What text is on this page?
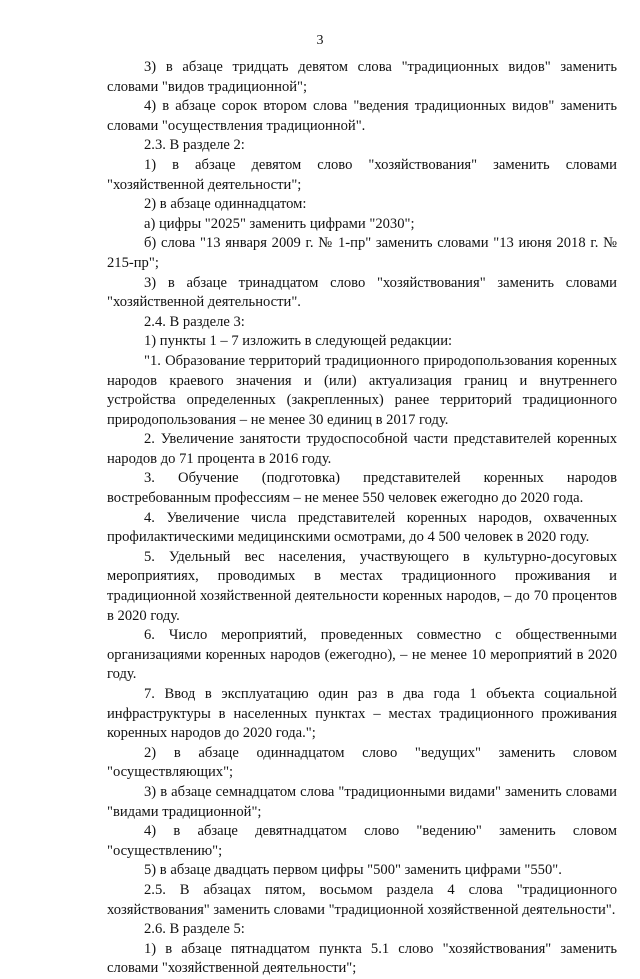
3

3) в абзаце тридцать девятом слова "традиционных видов" заменить словами "видов традиционной";

4) в абзаце сорок втором слова "ведения традиционных видов" заменить словами "осуществления традиционной".

2.3. В разделе 2:

1) в абзаце девятом слово "хозяйствования" заменить словами "хозяйственной деятельности";

2) в абзаце одиннадцатом:

а) цифры "2025" заменить цифрами "2030";

б) слова "13 января 2009 г. № 1-пр" заменить словами "13 июня 2018 г. № 215-пр";

3) в абзаце тринадцатом слово "хозяйствования" заменить словами "хозяйственной деятельности".

2.4. В разделе 3:

1) пункты 1 – 7 изложить в следующей редакции:

"1. Образование территорий традиционного природопользования коренных народов краевого значения и (или) актуализация границ и внутреннего устройства определенных (закрепленных) ранее территорий традиционного природопользования – не менее 30 единиц в 2017 году.

2. Увеличение занятости трудоспособной части представителей коренных народов до 71 процента в 2016 году.

3. Обучение (подготовка) представителей коренных народов востребованным профессиям – не менее 550 человек ежегодно до 2020 года.

4. Увеличение числа представителей коренных народов, охваченных профилактическими медицинскими осмотрами, до 4 500 человек в 2020 году.

5. Удельный вес населения, участвующего в культурно-досуговых мероприятиях, проводимых в местах традиционного проживания и традиционной хозяйственной деятельности коренных народов, – до 70 процентов в 2020 году.

6. Число мероприятий, проведенных совместно с общественными организациями коренных народов (ежегодно), – не менее 10 мероприятий в 2020 году.

7. Ввод в эксплуатацию один раз в два года 1 объекта социальной инфраструктуры в населенных пунктах – местах традиционного проживания коренных народов до 2020 года.";

2) в абзаце одиннадцатом слово "ведущих" заменить словом "осуществляющих";

3) в абзаце семнадцатом слова "традиционными видами" заменить словами "видами традиционной";

4) в абзаце девятнадцатом слово "ведению" заменить словом "осуществлению";

5) в абзаце двадцать первом цифры "500" заменить цифрами "550".

2.5. В абзацах пятом, восьмом раздела 4 слова "традиционного хозяйствования" заменить словами "традиционной хозяйственной деятельности".

2.6. В разделе 5:

1) в абзаце пятнадцатом пункта 5.1 слово "хозяйствования" заменить словами "хозяйственной деятельности";
